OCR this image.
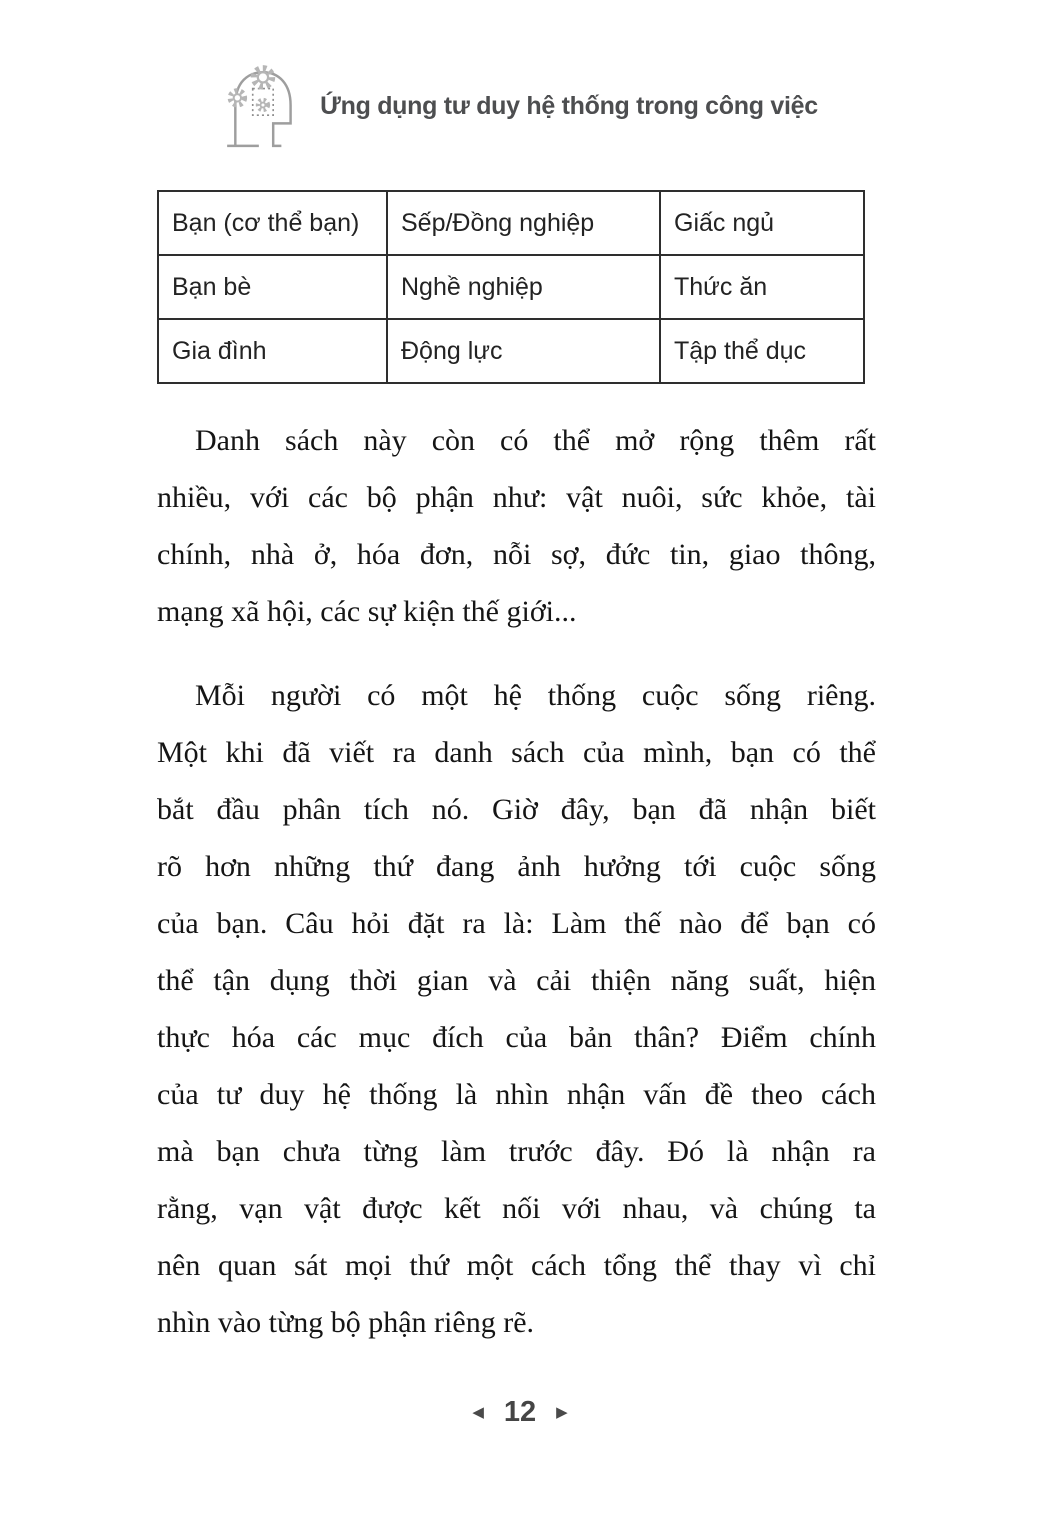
Ứng dụng tư duy hệ thống trong công việc
Bạn (cơ thể bạn)	Sếp/Đồng nghiệp	Giấc ngủ
Bạn bè	Nghề nghiệp	Thức ăn
Gia đình	Động lực	Tập thể dục
Danh sách này còn có thể mở rộng thêm rất
nhiều, với các bộ phận như: vật nuôi, sức khỏe, tài
chính, nhà ở, hóa đơn, nỗi sợ, đức tin, giao thông,
mạng xã hội, các sự kiện thế giới...
Mỗi người có một hệ thống cuộc sống riêng.
Một khi đã viết ra danh sách của mình, bạn có thể
bắt đầu phân tích nó. Giờ đây, bạn đã nhận biết
rõ hơn những thứ đang ảnh hưởng tới cuộc sống
của bạn. Câu hỏi đặt ra là: Làm thế nào để bạn có
thể tận dụng thời gian và cải thiện năng suất, hiện
thực hóa các mục đích của bản thân? Điểm chính
của tư duy hệ thống là nhìn nhận vấn đề theo cách
mà bạn chưa từng làm trước đây. Đó là nhận ra
rằng, vạn vật được kết nối với nhau, và chúng ta
nên quan sát mọi thứ một cách tổng thể thay vì chỉ
nhìn vào từng bộ phận riêng rẽ.
◀ 12 ▶
